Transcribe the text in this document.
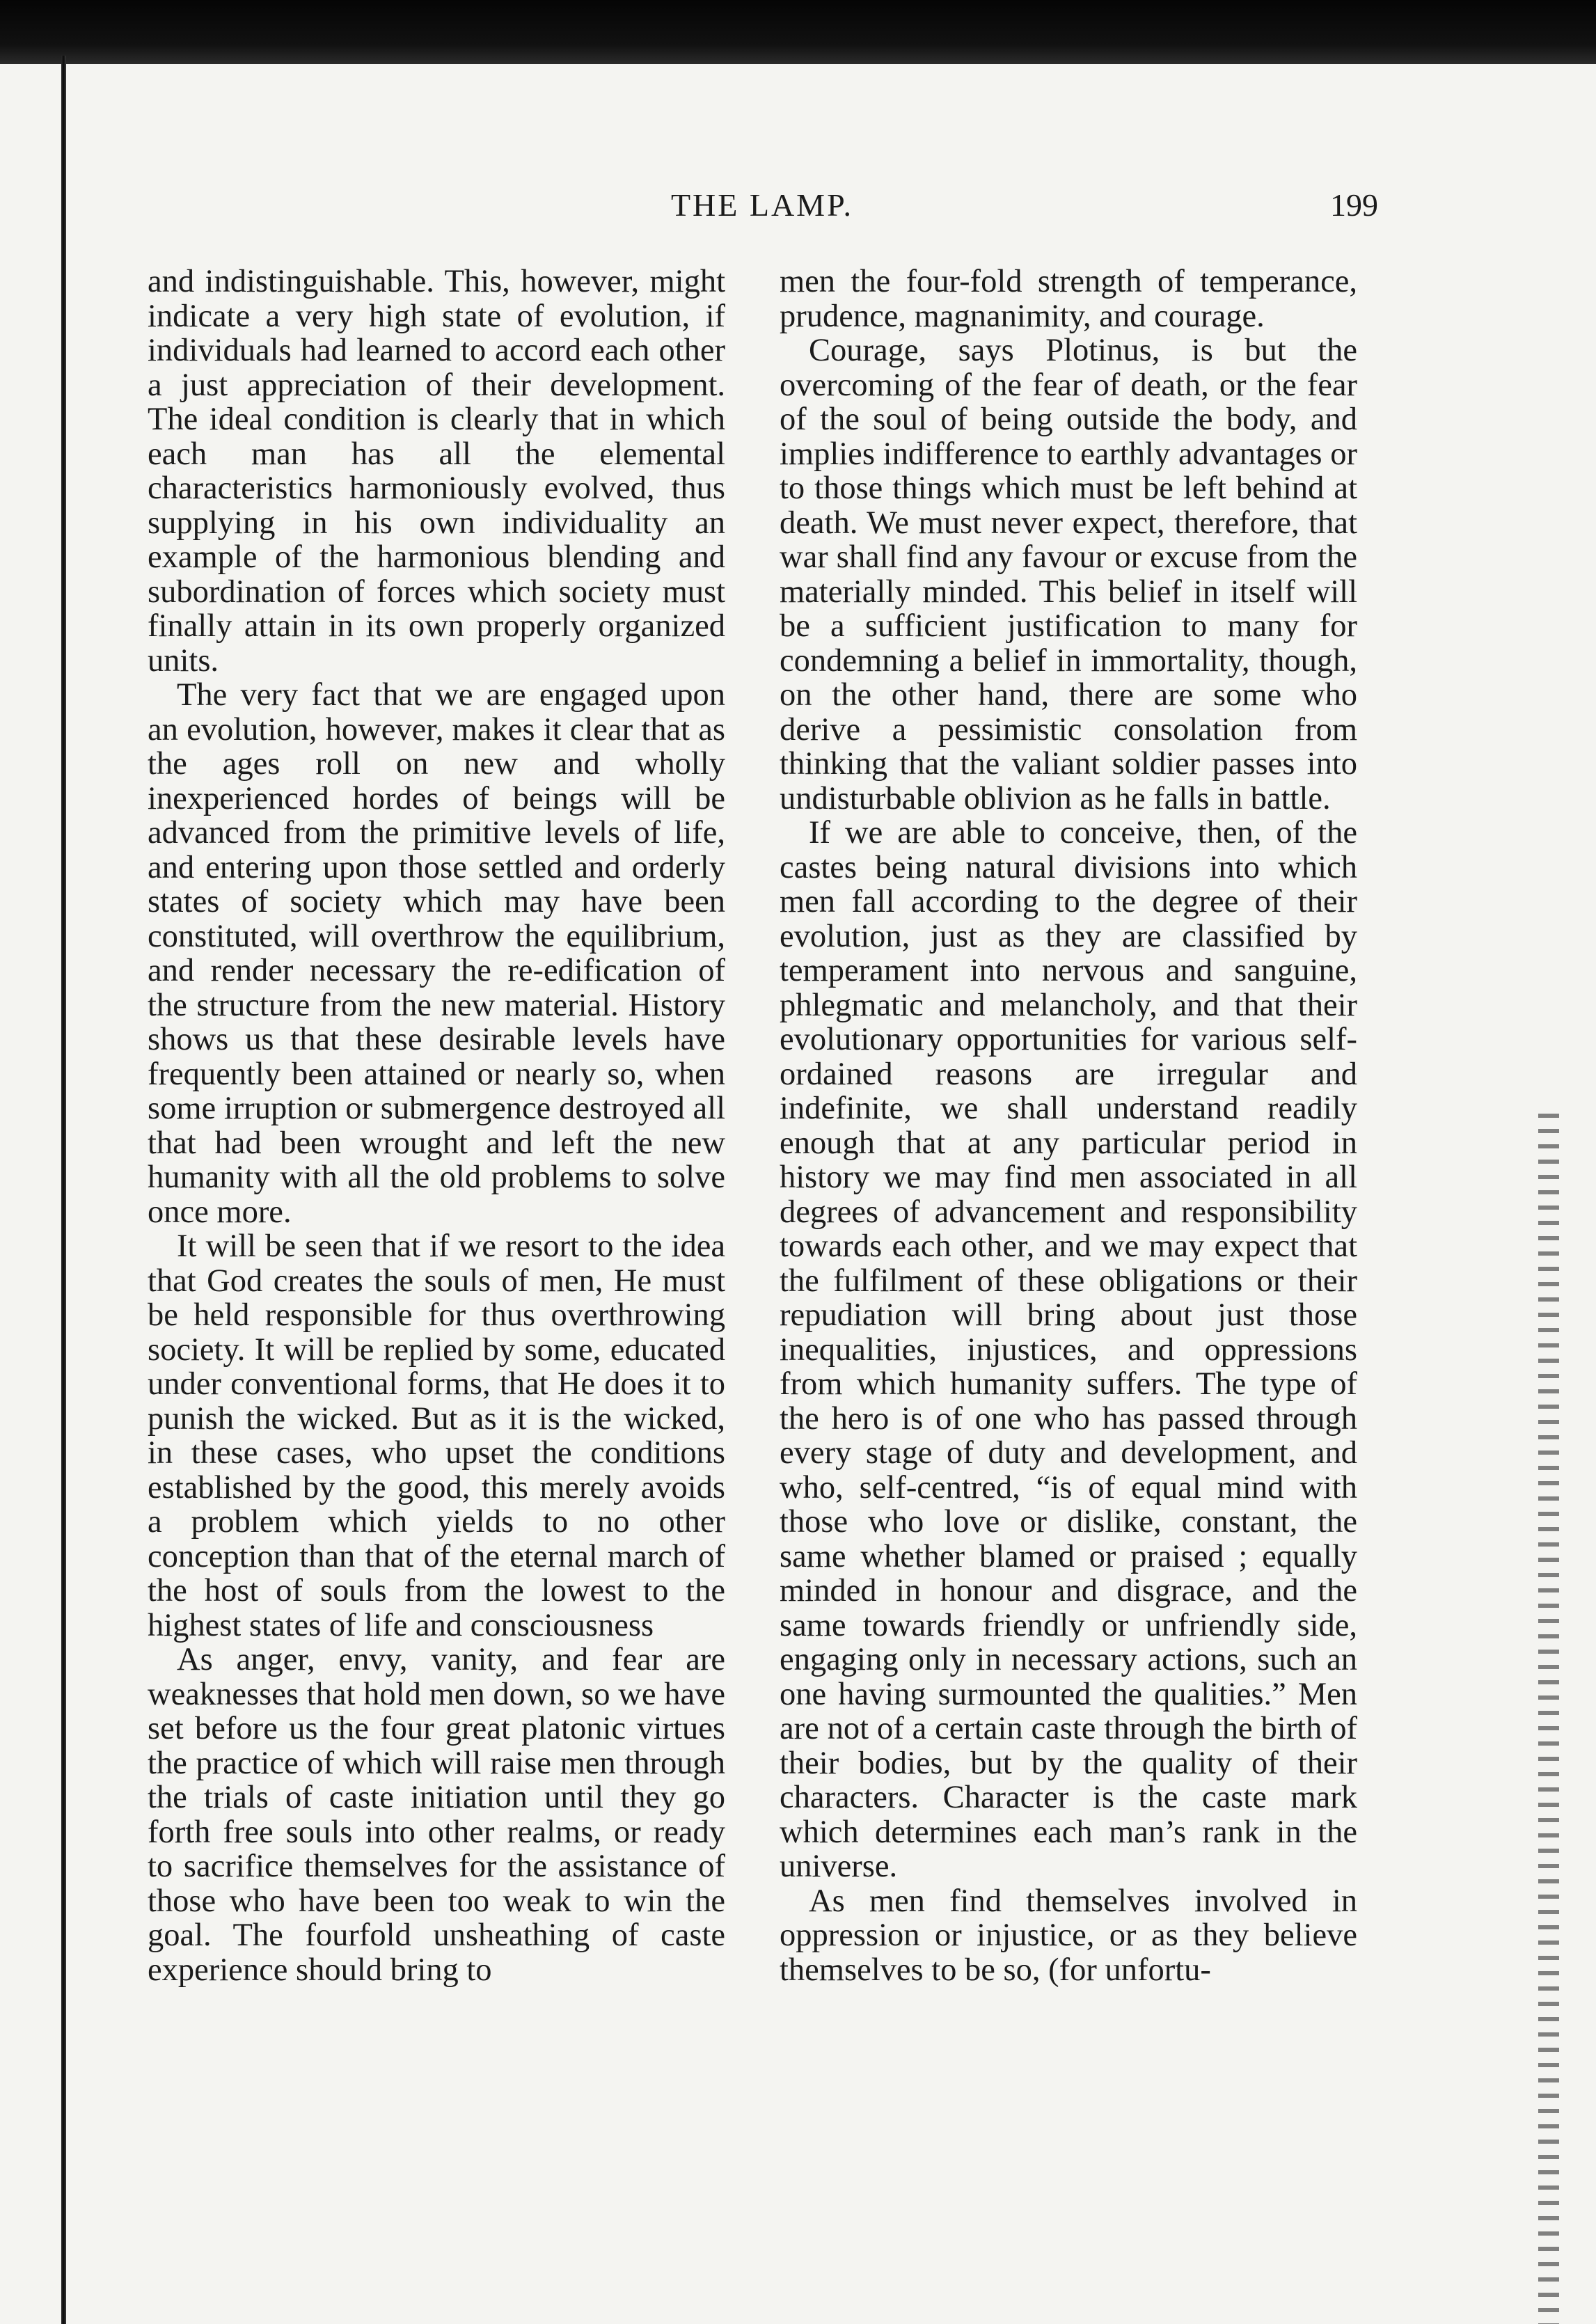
THE LAMP.	199

and indistinguishable. This, however, might indicate a very high state of evolution, if individuals had learned to accord each other a just appreciation of their development. The ideal condition is clearly that in which each man has all the elemental characteristics harmoniously evolved, thus supplying in his own individuality an example of the harmonious blending and subordination of forces which society must finally attain in its own properly organized units.

The very fact that we are engaged upon an evolution, however, makes it clear that as the ages roll on new and wholly inexperienced hordes of beings will be advanced from the primitive levels of life, and entering upon those settled and orderly states of society which may have been constituted, will overthrow the equilibrium, and render necessary the re-edification of the structure from the new material. History shows us that these desirable levels have frequently been attained or nearly so, when some irruption or submergence destroyed all that had been wrought and left the new humanity with all the old problems to solve once more.

It will be seen that if we resort to the idea that God creates the souls of men, He must be held responsible for thus overthrowing society. It will be replied by some, educated under conventional forms, that He does it to punish the wicked. But as it is the wicked, in these cases, who upset the conditions established by the good, this merely avoids a problem which yields to no other conception than that of the eternal march of the host of souls from the lowest to the highest states of life and consciousness

As anger, envy, vanity, and fear are weaknesses that hold men down, so we have set before us the four great platonic virtues the practice of which will raise men through the trials of caste initiation until they go forth free souls into other realms, or ready to sacrifice themselves for the assistance of those who have been too weak to win the goal. The fourfold unsheathing of caste experience should bring to

men the four-fold strength of temperance, prudence, magnanimity, and courage.

Courage, says Plotinus, is but the overcoming of the fear of death, or the fear of the soul of being outside the body, and implies indifference to earthly advantages or to those things which must be left behind at death. We must never expect, therefore, that war shall find any favour or excuse from the materially minded. This belief in itself will be a sufficient justification to many for condemning a belief in immortality, though, on the other hand, there are some who derive a pessimistic consolation from thinking that the valiant soldier passes into undisturbable oblivion as he falls in battle.

If we are able to conceive, then, of the castes being natural divisions into which men fall according to the degree of their evolution, just as they are classified by temperament into nervous and sanguine, phlegmatic and melancholy, and that their evolutionary opportunities for various self-ordained reasons are irregular and indefinite, we shall understand readily enough that at any particular period in history we may find men associated in all degrees of advancement and responsibility towards each other, and we may expect that the fulfilment of these obligations or their repudiation will bring about just those inequalities, injustices, and oppressions from which humanity suffers. The type of the hero is of one who has passed through every stage of duty and development, and who, self-centred, “is of equal mind with those who love or dislike, constant, the same whether blamed or praised ; equally minded in honour and disgrace, and the same towards friendly or unfriendly side, engaging only in necessary actions, such an one having surmounted the qualities.” Men are not of a certain caste through the birth of their bodies, but by the quality of their characters. Character is the caste mark which determines each man’s rank in the universe.

As men find themselves involved in oppression or injustice, or as they believe themselves to be so, (for unfortu-
